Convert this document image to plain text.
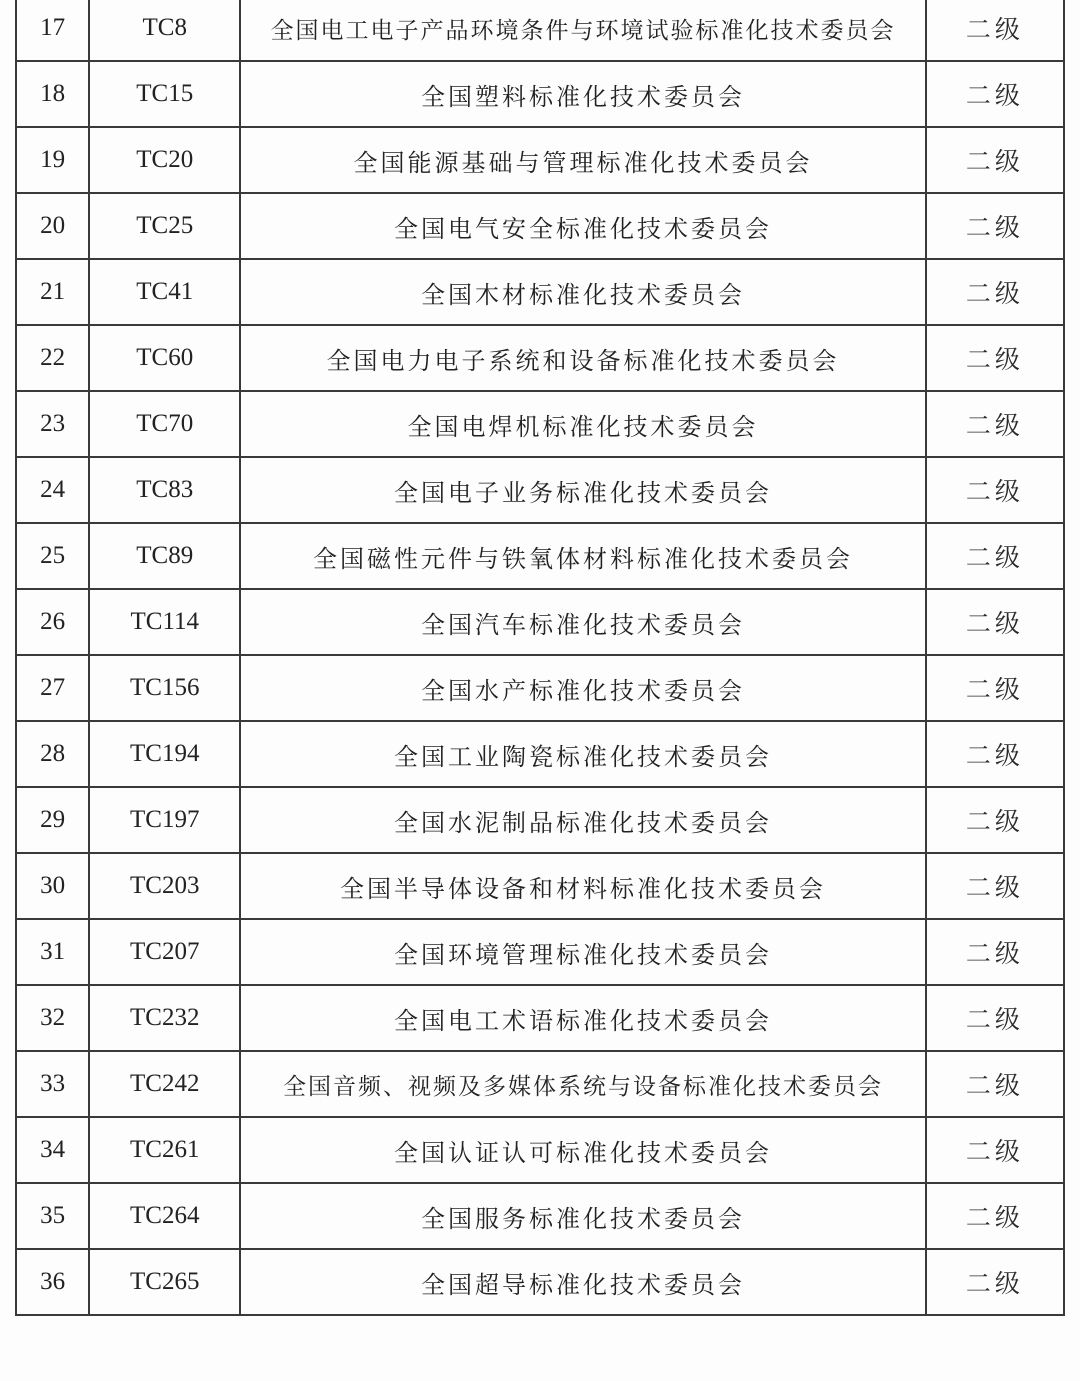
17	TC8	全国电工电子产品环境条件与环境试验标准化技术委员会	二级
18	TC15	全国塑料标准化技术委员会	二级
19	TC20	全国能源基础与管理标准化技术委员会	二级
20	TC25	全国电气安全标准化技术委员会	二级
21	TC41	全国木材标准化技术委员会	二级
22	TC60	全国电力电子系统和设备标准化技术委员会	二级
23	TC70	全国电焊机标准化技术委员会	二级
24	TC83	全国电子业务标准化技术委员会	二级
25	TC89	全国磁性元件与铁氧体材料标准化技术委员会	二级
26	TC114	全国汽车标准化技术委员会	二级
27	TC156	全国水产标准化技术委员会	二级
28	TC194	全国工业陶瓷标准化技术委员会	二级
29	TC197	全国水泥制品标准化技术委员会	二级
30	TC203	全国半导体设备和材料标准化技术委员会	二级
31	TC207	全国环境管理标准化技术委员会	二级
32	TC232	全国电工术语标准化技术委员会	二级
33	TC242	全国音频、视频及多媒体系统与设备标准化技术委员会	二级
34	TC261	全国认证认可标准化技术委员会	二级
35	TC264	全国服务标准化技术委员会	二级
36	TC265	全国超导标准化技术委员会	二级
